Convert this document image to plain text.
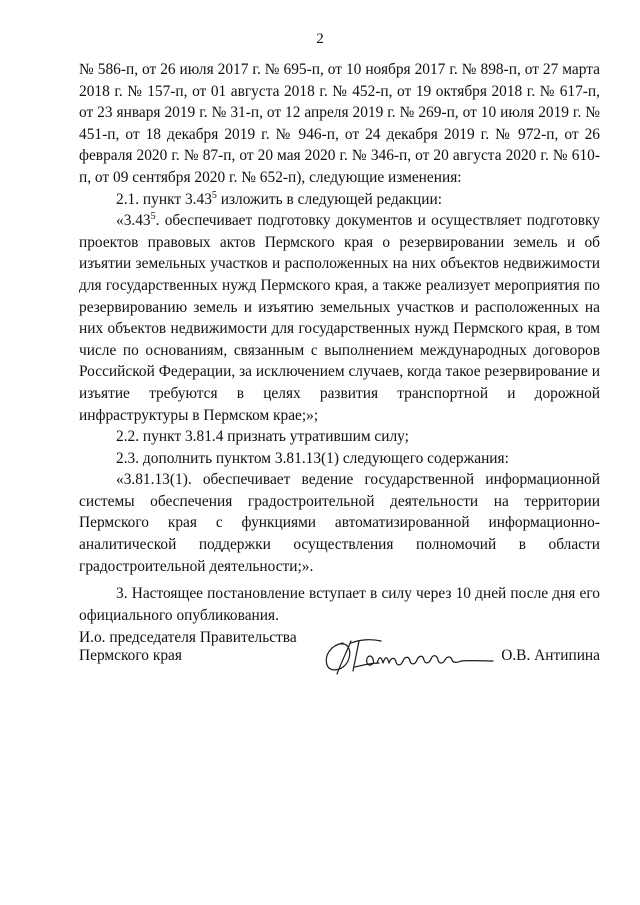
2

№ 586-п, от 26 июля 2017 г. № 695-п, от 10 ноября 2017 г. № 898-п, от 27 марта 2018 г. № 157-п, от 01 августа 2018 г. № 452-п, от 19 октября 2018 г. № 617-п, от 23 января 2019 г. № 31-п, от 12 апреля 2019 г. № 269-п, от 10 июля 2019 г. № 451-п, от 18 декабря 2019 г. № 946-п, от 24 декабря 2019 г. № 972-п, от 26 февраля 2020 г. № 87-п, от 20 мая 2020 г. № 346-п, от 20 августа 2020 г. № 610-п, от 09 сентября 2020 г. № 652-п), следующие изменения:

2.1. пункт 3.43$^5$ изложить в следующей редакции:

«3.43$^5$. обеспечивает подготовку документов и осуществляет подготовку проектов правовых актов Пермского края о резервировании земель и об изъятии земельных участков и расположенных на них объектов недвижимости для государственных нужд Пермского края, а также реализует мероприятия по резервированию земель и изъятию земельных участков и расположенных на них объектов недвижимости для государственных нужд Пермского края, в том числе по основаниям, связанным с выполнением международных договоров Российской Федерации, за исключением случаев, когда такое резервирование и изъятие требуются в целях развития транспортной и дорожной инфраструктуры в Пермском крае;»;

2.2. пункт 3.81.4 признать утратившим силу;

2.3. дополнить пунктом 3.81.13(1) следующего содержания:

«3.81.13(1). обеспечивает ведение государственной информационной системы обеспечения градостроительной деятельности на территории Пермского края с функциями автоматизированной информационно-аналитической поддержки осуществления полномочий в области градостроительной деятельности;».

3. Настоящее постановление вступает в силу через 10 дней после дня его официального опубликования.

И.о. председателя Правительства
Пермского края	О.В. Антипина
